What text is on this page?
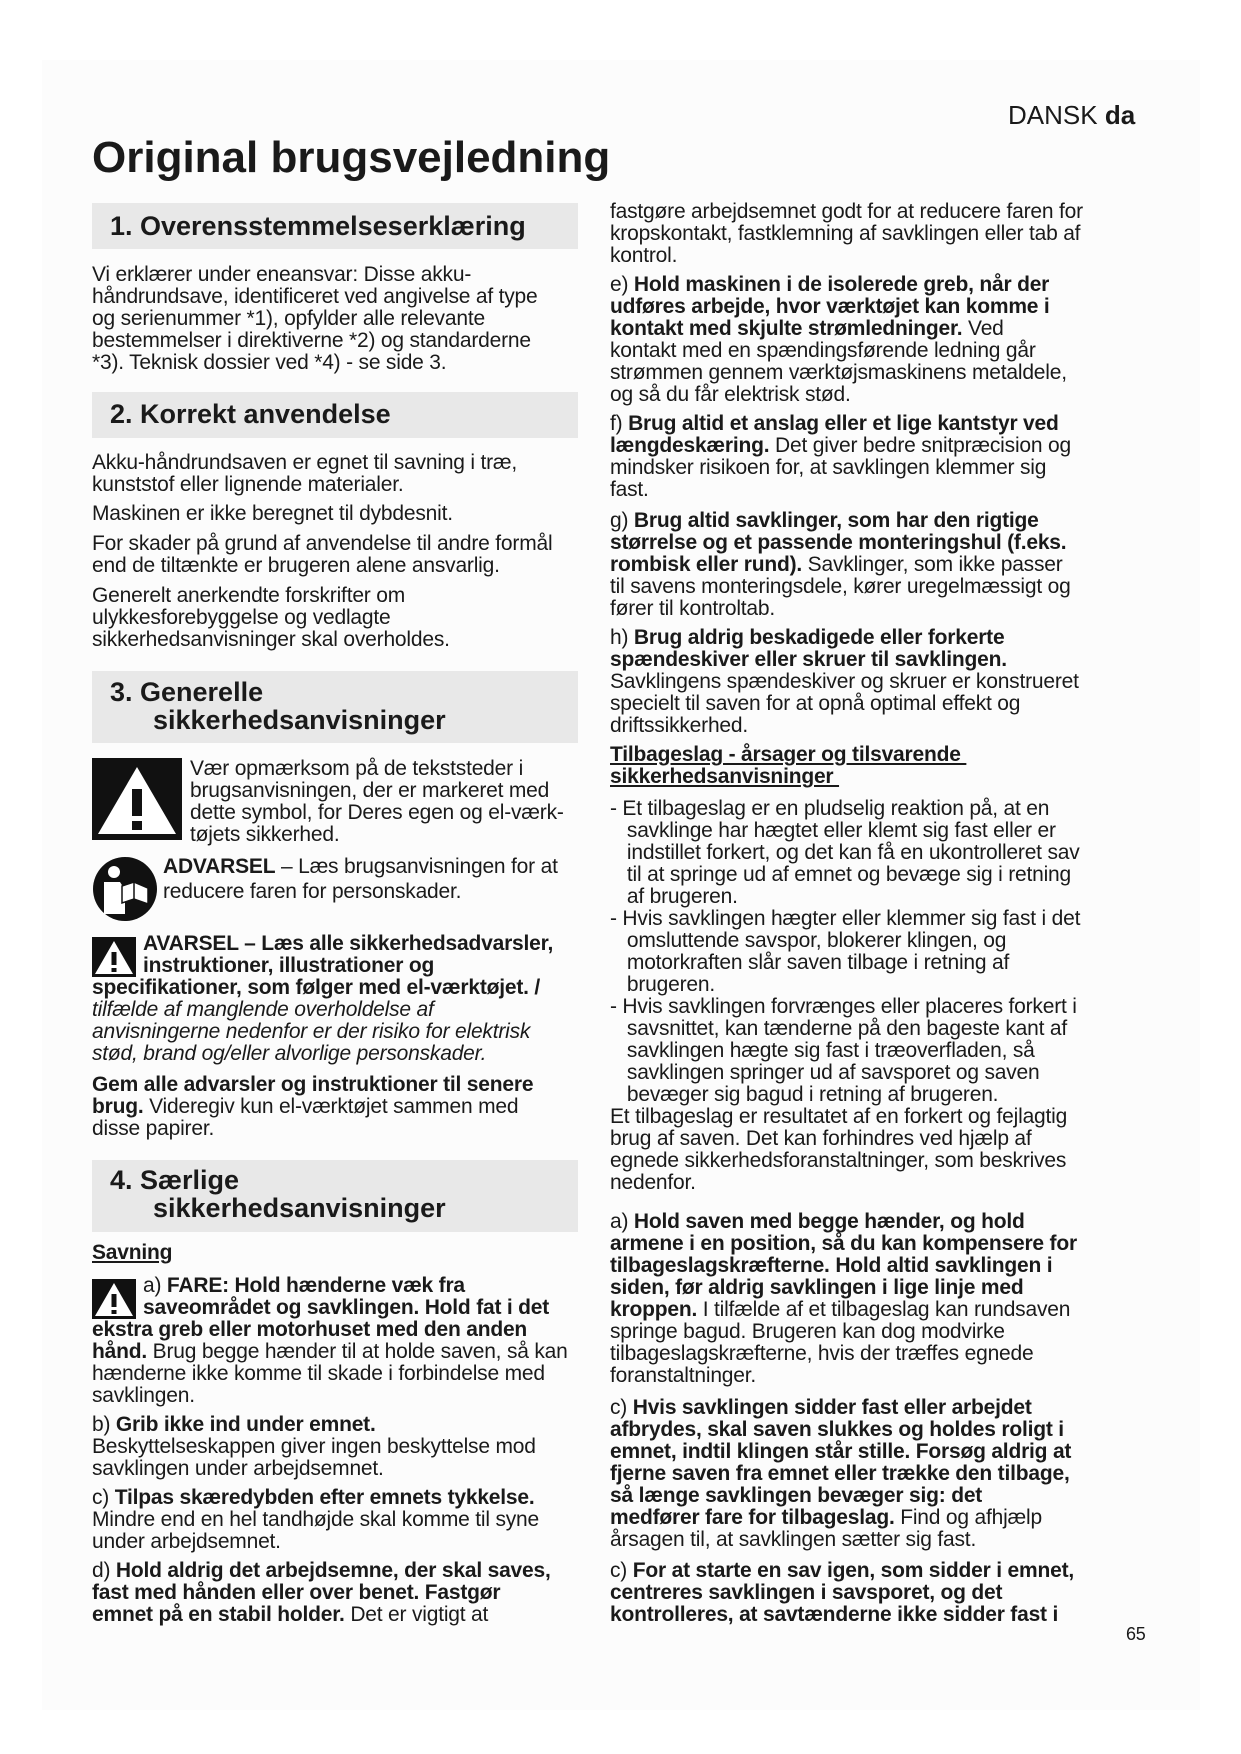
DANSK da
Original brugsvejledning
1. Overensstemmelseserklæring
Vi erklærer under eneansvar: Disse akku-
håndrundsave, identificeret ved angivelse af type
og serienummer *1), opfylder alle relevante
bestemmelser i direktiverne *2) og standarderne
*3). Teknisk dossier ved *4) - se side 3.
2. Korrekt anvendelse
Akku-håndrundsaven er egnet til savning i træ,
kunststof eller lignende materialer.
Maskinen er ikke beregnet til dybdesnit.
For skader på grund af anvendelse til andre formål
end de tiltænkte er brugeren alene ansvarlig.
Generelt anerkendte forskrifter om
ulykkesforebyggelse og vedlagte
sikkerhedsanvisninger skal overholdes.
3. Generelle
sikkerhedsanvisninger
Vær opmærksom på de tekststeder i
brugsanvisningen, der er markeret med
dette symbol, for Deres egen og el-værk-
tøjets sikkerhed.
ADVARSEL – Læs brugsanvisningen for at
reducere faren for personskader.
AVARSEL – Læs alle sikkerhedsadvarsler,
instruktioner, illustrationer og
specifikationer, som følger med el-værktøjet. /
tilfælde af manglende overholdelse af
anvisningerne nedenfor er der risiko for elektrisk
stød, brand og/eller alvorlige personskader.
Gem alle advarsler og instruktioner til senere
brug. Videregiv kun el-værktøjet sammen med
disse papirer.
4. Særlige
sikkerhedsanvisninger
Savning
a) FARE: Hold hænderne væk fra
saveområdet og savklingen. Hold fat i det
ekstra greb eller motorhuset med den anden
hånd. Brug begge hænder til at holde saven, så kan
hænderne ikke komme til skade i forbindelse med
savklingen.
b) Grib ikke ind under emnet.
Beskyttelseskappen giver ingen beskyttelse mod
savklingen under arbejdsemnet.
c) Tilpas skæredybden efter emnets tykkelse.
Mindre end en hel tandhøjde skal komme til syne
under arbejdsemnet.
d) Hold aldrig det arbejdsemne, der skal saves,
fast med hånden eller over benet. Fastgør
emnet på en stabil holder. Det er vigtigt at
fastgøre arbejdsemnet godt for at reducere faren for
kropskontakt, fastklemning af savklingen eller tab af
kontrol.
e) Hold maskinen i de isolerede greb, når der
udføres arbejde, hvor værktøjet kan komme i
kontakt med skjulte strømledninger. Ved
kontakt med en spændingsførende ledning går
strømmen gennem værktøjsmaskinens metaldele,
og så du får elektrisk stød.
f) Brug altid et anslag eller et lige kantstyr ved
længdeskæring. Det giver bedre snitpræcision og
mindsker risikoen for, at savklingen klemmer sig
fast.
g) Brug altid savklinger, som har den rigtige
størrelse og et passende monteringshul (f.eks.
rombisk eller rund). Savklinger, som ikke passer
til savens monteringsdele, kører uregelmæssigt og
fører til kontroltab.
h) Brug aldrig beskadigede eller forkerte
spændeskiver eller skruer til savklingen.
Savklingens spændeskiver og skruer er konstrueret
specielt til saven for at opnå optimal effekt og
driftssikkerhed.
Tilbageslag - årsager og tilsvarende
sikkerhedsanvisninger
- Et tilbageslag er en pludselig reaktion på, at en
savklinge har hægtet eller klemt sig fast eller er
indstillet forkert, og det kan få en ukontrolleret sav
til at springe ud af emnet og bevæge sig i retning
af brugeren.
- Hvis savklingen hægter eller klemmer sig fast i det
omsluttende savspor, blokerer klingen, og
motorkraften slår saven tilbage i retning af
brugeren.
- Hvis savklingen forvrænges eller placeres forkert i
savsnittet, kan tænderne på den bageste kant af
savklingen hægte sig fast i træoverfladen, så
savklingen springer ud af savsporet og saven
bevæger sig bagud i retning af brugeren.
Et tilbageslag er resultatet af en forkert og fejlagtig
brug af saven. Det kan forhindres ved hjælp af
egnede sikkerhedsforanstaltninger, som beskrives
nedenfor.
a) Hold saven med begge hænder, og hold
armene i en position, så du kan kompensere for
tilbageslagskræfterne. Hold altid savklingen i
siden, før aldrig savklingen i lige linje med
kroppen. I tilfælde af et tilbageslag kan rundsaven
springe bagud. Brugeren kan dog modvirke
tilbageslagskræfterne, hvis der træffes egnede
foranstaltninger.
c) Hvis savklingen sidder fast eller arbejdet
afbrydes, skal saven slukkes og holdes roligt i
emnet, indtil klingen står stille. Forsøg aldrig at
fjerne saven fra emnet eller trække den tilbage,
så længe savklingen bevæger sig: det
medfører fare for tilbageslag. Find og afhjælp
årsagen til, at savklingen sætter sig fast.
c) For at starte en sav igen, som sidder i emnet,
centreres savklingen i savsporet, og det
kontrolleres, at savtænderne ikke sidder fast i
65
